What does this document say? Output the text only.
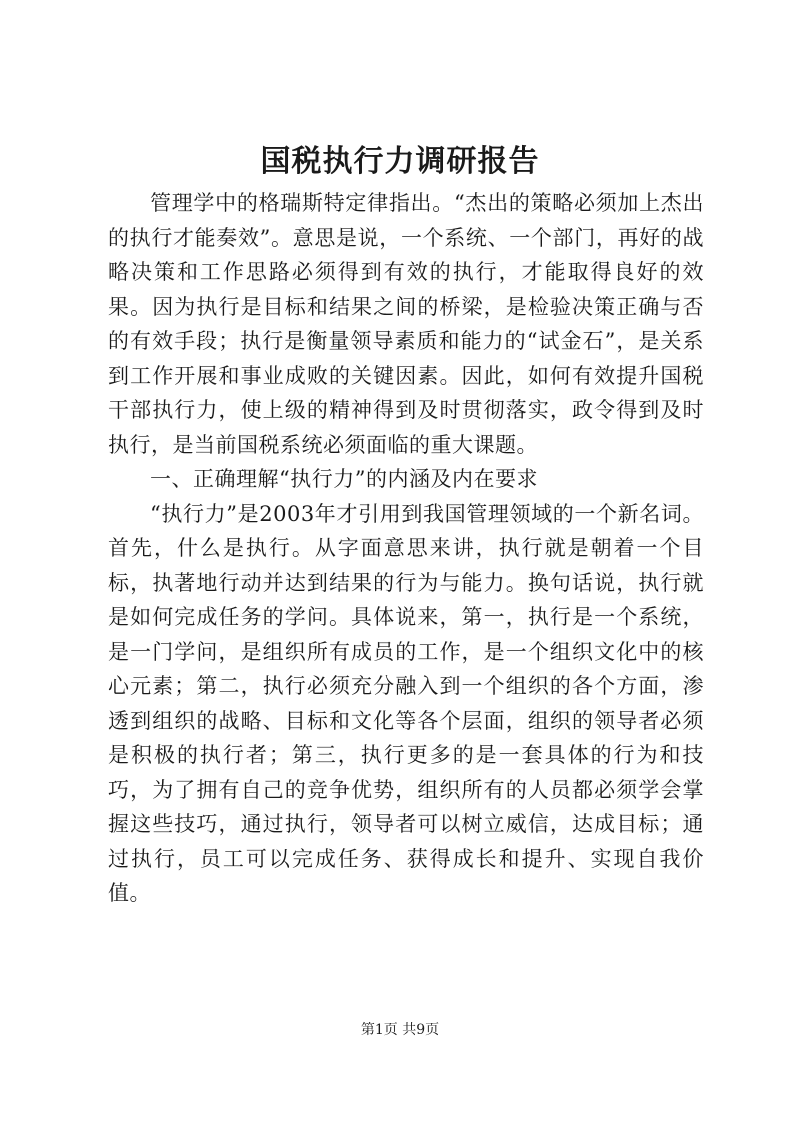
国税执行力调研报告

管理学中的格瑞斯特定律指出。“杰出的策略必须加上杰出的执行才能奏效”。意思是说，一个系统、一个部门，再好的战略决策和工作思路必须得到有效的执行，才能取得良好的效果。因为执行是目标和结果之间的桥梁，是检验决策正确与否的有效手段；执行是衡量领导素质和能力的“试金石”，是关系到工作开展和事业成败的关键因素。因此，如何有效提升国税干部执行力，使上级的精神得到及时贯彻落实，政令得到及时执行，是当前国税系统必须面临的重大课题。

一、正确理解“执行力”的内涵及内在要求

“执行力”是2003年才引用到我国管理领域的一个新名词。首先，什么是执行。从字面意思来讲，执行就是朝着一个目标，执著地行动并达到结果的行为与能力。换句话说，执行就是如何完成任务的学问。具体说来，第一，执行是一个系统，是一门学问，是组织所有成员的工作，是一个组织文化中的核心元素；第二，执行必须充分融入到一个组织的各个方面，渗透到组织的战略、目标和文化等各个层面，组织的领导者必须是积极的执行者；第三，执行更多的是一套具体的行为和技巧，为了拥有自己的竞争优势，组织所有的人员都必须学会掌握这些技巧，通过执行，领导者可以树立威信，达成目标；通过执行，员工可以完成任务、获得成长和提升、实现自我价值。

第1页 共9页
